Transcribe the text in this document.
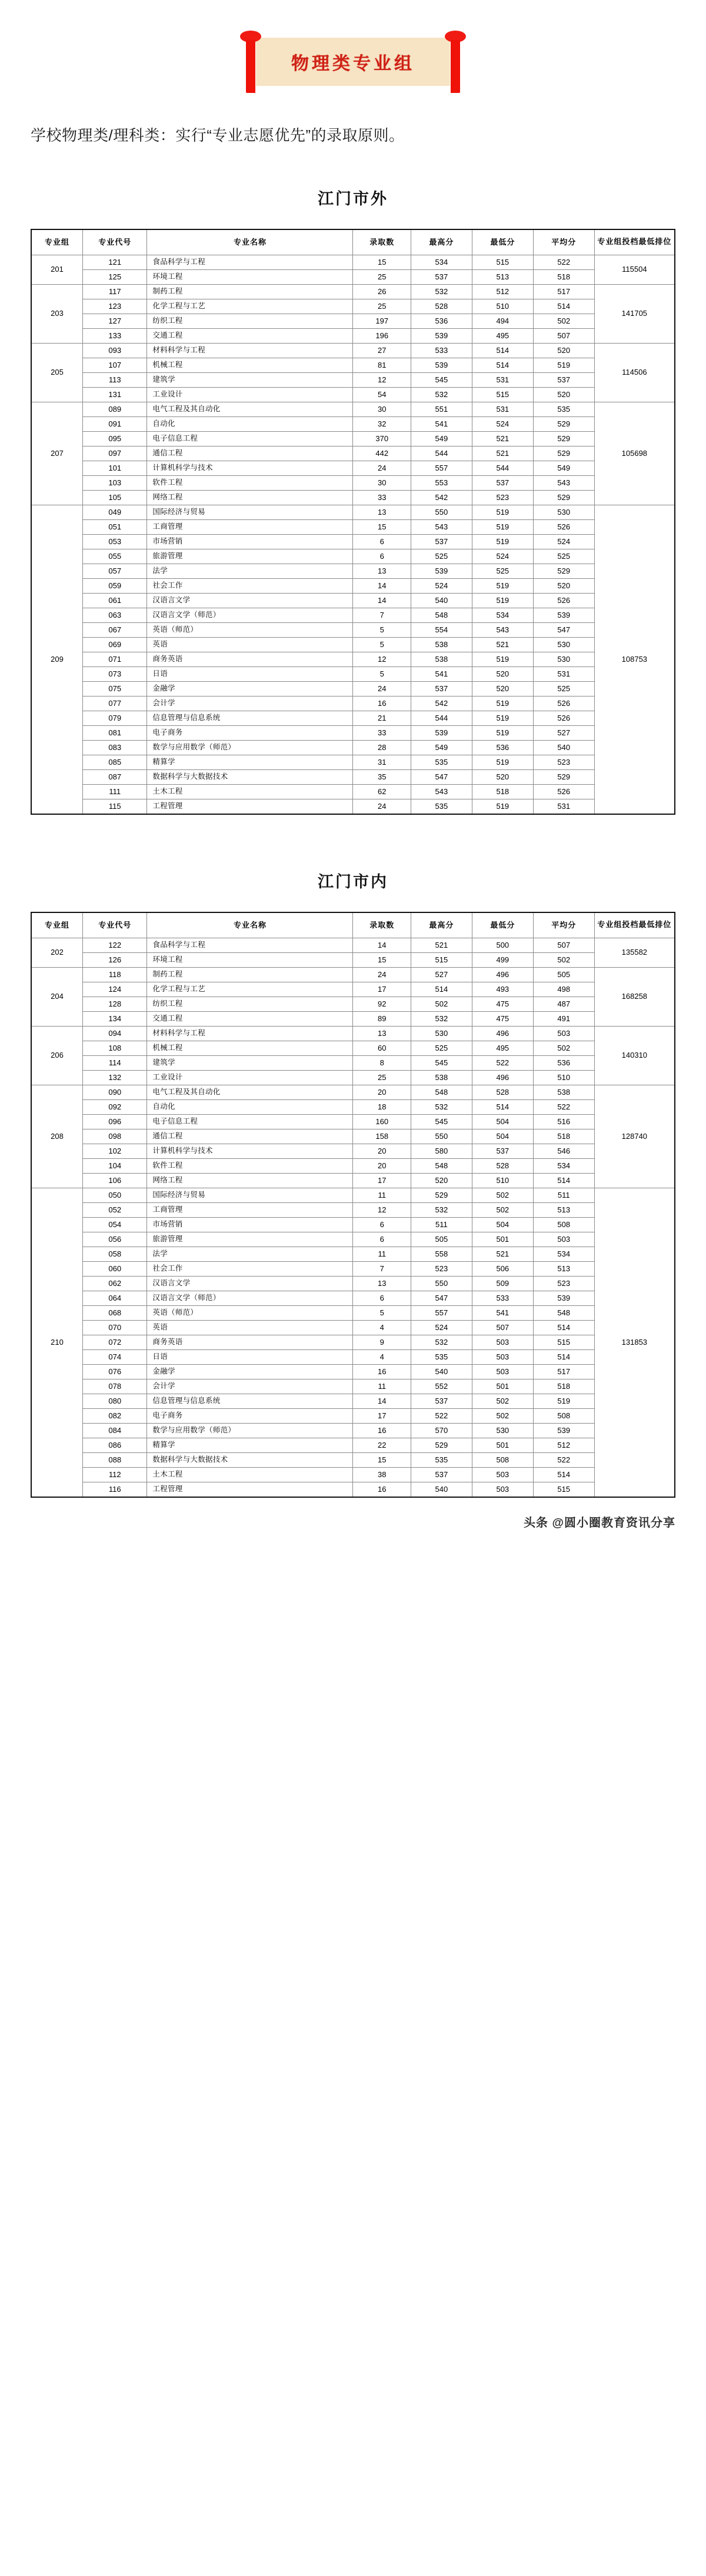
物理类专业组

学校物理类/理科类：实行“专业志愿优先”的录取原则。

江门市外
专业组	专业代号	专业名称	录取数	最高分	最低分	平均分	专业组投档最低排位
201	121	食品科学与工程	15	534	515	522	115504
	125	环境工程	25	537	513	518	
203	117	制药工程	26	532	512	517	141705
	123	化学工程与工艺	25	528	510	514	
	127	纺织工程	197	536	494	502	
	133	交通工程	196	539	495	507	
205	093	材料科学与工程	27	533	514	520	114506
	107	机械工程	81	539	514	519	
	113	建筑学	12	545	531	537	
	131	工业设计	54	532	515	520	
207	089	电气工程及其自动化	30	551	531	535	105698
	091	自动化	32	541	524	529	
	095	电子信息工程	370	549	521	529	
	097	通信工程	442	544	521	529	
	101	计算机科学与技术	24	557	544	549	
	103	软件工程	30	553	537	543	
	105	网络工程	33	542	523	529	
209	049	国际经济与贸易	13	550	519	530	108753
	051	工商管理	15	543	519	526	
	053	市场营销	6	537	519	524	
	055	旅游管理	6	525	524	525	
	057	法学	13	539	525	529	
	059	社会工作	14	524	519	520	
	061	汉语言文学	14	540	519	526	
	063	汉语言文学（师范）	7	548	534	539	
	067	英语（师范）	5	554	543	547	
	069	英语	5	538	521	530	
	071	商务英语	12	538	519	530	
	073	日语	5	541	520	531	
	075	金融学	24	537	520	525	
	077	会计学	16	542	519	526	
	079	信息管理与信息系统	21	544	519	526	
	081	电子商务	33	539	519	527	
	083	数学与应用数学（师范）	28	549	536	540	
	085	精算学	31	535	519	523	
	087	数据科学与大数据技术	35	547	520	529	
	111	土木工程	62	543	518	526	
	115	工程管理	24	535	519	531	
江门市内
专业组	专业代号	专业名称	录取数	最高分	最低分	平均分	专业组投档最低排位
202	122	食品科学与工程	14	521	500	507	135582
	126	环境工程	15	515	499	502	
204	118	制药工程	24	527	496	505	168258
	124	化学工程与工艺	17	514	493	498	
	128	纺织工程	92	502	475	487	
	134	交通工程	89	532	475	491	
206	094	材料科学与工程	13	530	496	503	140310
	108	机械工程	60	525	495	502	
	114	建筑学	8	545	522	536	
	132	工业设计	25	538	496	510	
208	090	电气工程及其自动化	20	548	528	538	128740
	092	自动化	18	532	514	522	
	096	电子信息工程	160	545	504	516	
	098	通信工程	158	550	504	518	
	102	计算机科学与技术	20	580	537	546	
	104	软件工程	20	548	528	534	
	106	网络工程	17	520	510	514	
210	050	国际经济与贸易	11	529	502	511	131853
	052	工商管理	12	532	502	513	
	054	市场营销	6	511	504	508	
	056	旅游管理	6	505	501	503	
	058	法学	11	558	521	534	
	060	社会工作	7	523	506	513	
	062	汉语言文学	13	550	509	523	
	064	汉语言文学（师范）	6	547	533	539	
	068	英语（师范）	5	557	541	548	
	070	英语	4	524	507	514	
	072	商务英语	9	532	503	515	
	074	日语	4	535	503	514	
	076	金融学	16	540	503	517	
	078	会计学	11	552	501	518	
	080	信息管理与信息系统	14	537	502	519	
	082	电子商务	17	522	502	508	
	084	数学与应用数学（师范）	16	570	530	539	
	086	精算学	22	529	501	512	
	088	数据科学与大数据技术	15	535	508	522	
	112	土木工程	38	537	503	514	
	116	工程管理	16	540	503	515	
头条 @圆小圈教育资讯分享
